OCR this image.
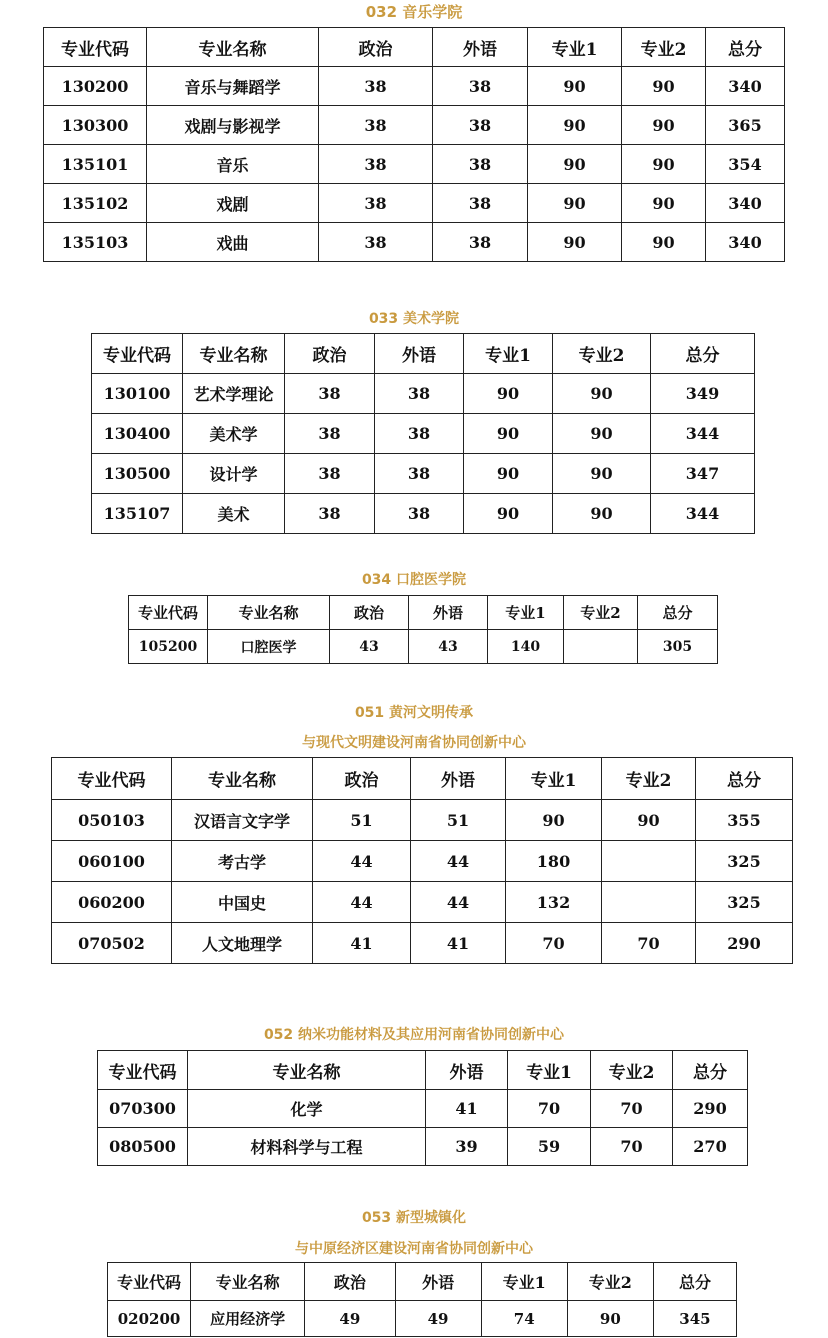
032 音乐学院
专业代码	专业名称	政治	外语	专业1	专业2	总分
130200	音乐与舞蹈学	38	38	90	90	340
130300	戏剧与影视学	38	38	90	90	365
135101	音乐	38	38	90	90	354
135102	戏剧	38	38	90	90	340
135103	戏曲	38	38	90	90	340
033 美术学院
专业代码	专业名称	政治	外语	专业1	专业2	总分
130100	艺术学理论	38	38	90	90	349
130400	美术学	38	38	90	90	344
130500	设计学	38	38	90	90	347
135107	美术	38	38	90	90	344
034 口腔医学院
专业代码	专业名称	政治	外语	专业1	专业2	总分
105200	口腔医学	43	43	140		305
051 黄河文明传承
与现代文明建设河南省协同创新中心
专业代码	专业名称	政治	外语	专业1	专业2	总分
050103	汉语言文字学	51	51	90	90	355
060100	考古学	44	44	180		325
060200	中国史	44	44	132		325
070502	人文地理学	41	41	70	70	290
052 纳米功能材料及其应用河南省协同创新中心
专业代码	专业名称		外语	专业1	专业2	总分
070300	化学		41	70	70	290
080500	材料科学与工程		39	59	70	270
053 新型城镇化
与中原经济区建设河南省协同创新中心
专业代码	专业名称	政治	外语	专业1	专业2	总分
020200	应用经济学	49	49	74	90	345
